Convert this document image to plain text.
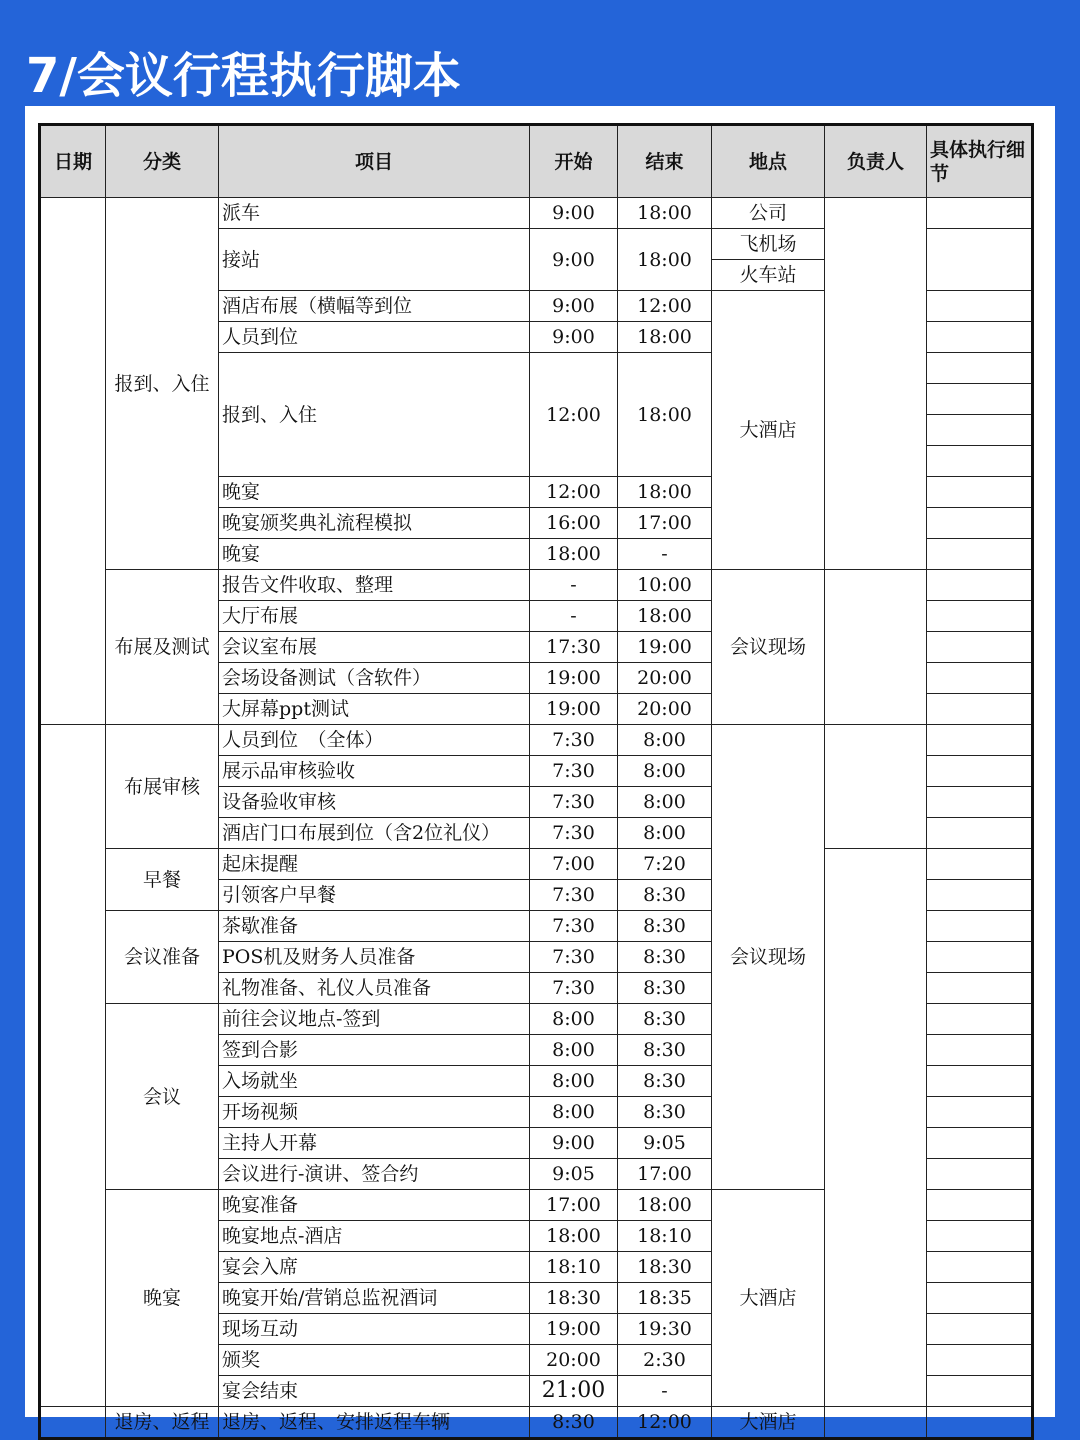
7/会议行程执行脚本
日期	分类	项目	开始	结束	地点	负责人	具体执行细节
	报到、入住	派车	9:00	18:00	公司		
		接站	9:00	18:00	飞机场		
					火车站		
		酒店布展（横幅等到位	9:00	12:00	大酒店		
		人员到位	9:00	18:00			
		报到、入住	12:00	18:00			

		晚宴	12:00	18:00			
		晚宴颁奖典礼流程模拟	16:00	17:00			
		晚宴	18:00	-			
	布展及测试	报告文件收取、整理	-	10:00	会议现场		
		大厅布展	-	18:00			
		会议室布展	17:30	19:00			
		会场设备测试（含软件）	19:00	20:00			
		大屏幕ppt测试	19:00	20:00			
	布展审核	人员到位　（全体）	7:30	8:00	会议现场		
		展示品审核验收	7:30	8:00			
		设备验收审核	7:30	8:00			
		酒店门口布展到位（含2位礼仪）	7:30	8:00			
	早餐	起床提醒	7:00	7:20			
		引领客户早餐	7:30	8:30			
	会议准备	茶歇准备	7:30	8:30			
		POS机及财务人员准备	7:30	8:30			
		礼物准备、礼仪人员准备	7:30	8:30			
	会议	前往会议地点-签到	8:00	8:30			
		签到合影	8:00	8:30			
		入场就坐	8:00	8:30			
		开场视频	8:00	8:30			
		主持人开幕	9:00	9:05			
		会议进行-演讲、签合约	9:05	17:00			
	晚宴	晚宴准备	17:00	18:00	大酒店		
		晚宴地点-酒店	18:00	18:10			
		宴会入席	18:10	18:30			
		晚宴开始/营销总监祝酒词	18:30	18:35			
		现场互动	19:00	19:30			
		颁奖	20:00	2:30			
		宴会结束	21:00	-			
	退房、返程	退房、返程、安排返程车辆	8:30	12:00	大酒店		
